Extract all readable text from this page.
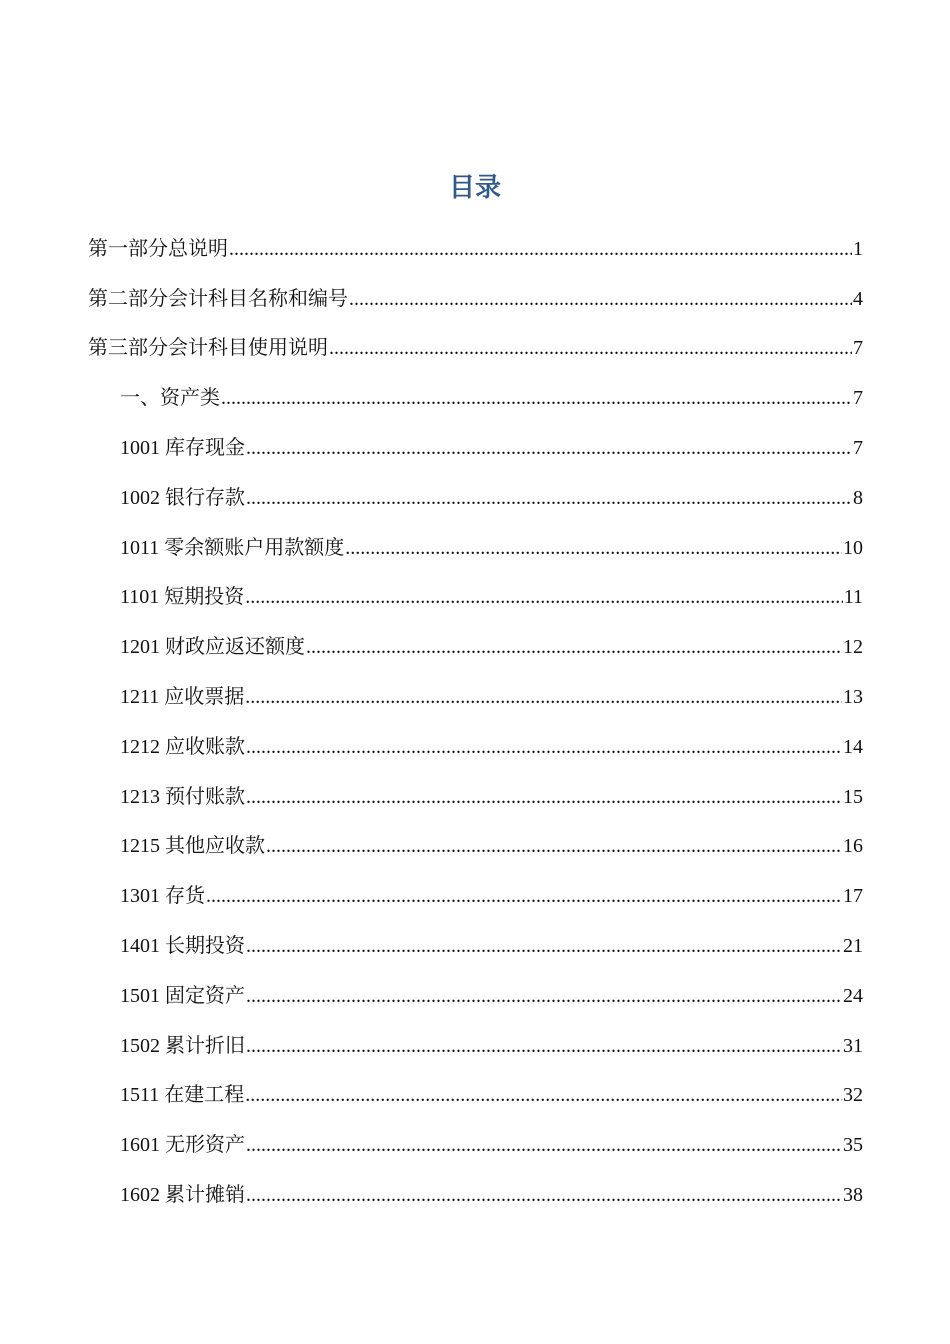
目录
第一部分总说明 .....	1
第二部分会计科目名称和编号 .....	4
第三部分会计科目使用说明 .....	7
一、资产类 .....	7
1001 库存现金 .....	7
1002 银行存款 .....	8
1011 零余额账户用款额度 .....	10
1101 短期投资 .....	11
1201 财政应返还额度 .....	12
1211 应收票据 .....	13
1212 应收账款 .....	14
1213 预付账款 .....	15
1215 其他应收款 .....	16
1301 存货 .....	17
1401 长期投资 .....	21
1501 固定资产 .....	24
1502 累计折旧 .....	31
1511 在建工程 .....	32
1601 无形资产 .....	35
1602 累计摊销 .....	38
